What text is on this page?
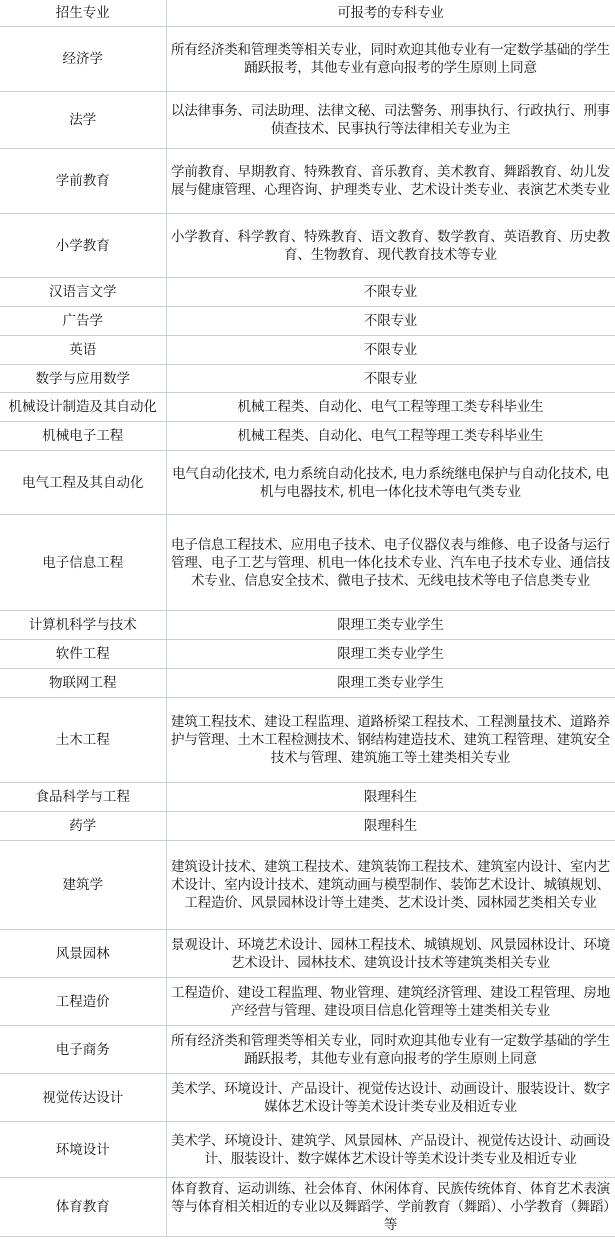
招生专业	可报考的专科专业
经济学	所有经济类和管理类等相关专业，同时欢迎其他专业有一定数学基础的学生踊跃报考，其他专业有意向报考的学生原则上同意
法学	以法律事务、司法助理、法律文秘、司法警务、刑事执行、行政执行、刑事侦查技术、民事执行等法律相关专业为主
学前教育	学前教育、早期教育、特殊教育、音乐教育、美术教育、舞蹈教育、幼儿发展与健康管理、心理咨询、护理类专业、艺术设计类专业、表演艺术类专业
小学教育	小学教育、科学教育、特殊教育、语文教育、数学教育、英语教育、历史教育、生物教育、现代教育技术等专业
汉语言文学	不限专业
广告学	不限专业
英语	不限专业
数学与应用数学	不限专业
机械设计制造及其自动化	机械工程类、自动化、电气工程等理工类专科毕业生
机械电子工程	机械工程类、自动化、电气工程等理工类专科毕业生
电气工程及其自动化	电气自动化技术, 电力系统自动化技术, 电力系统继电保护与自动化技术, 电机与电器技术, 机电一体化技术等电气类专业
电子信息工程	电子信息工程技术、应用电子技术、电子仪器仪表与维修、电子设备与运行管理、电子工艺与管理、机电一体化技术专业、汽车电子技术专业、通信技术专业、信息安全技术、微电子技术、无线电技术等电子信息类专业
计算机科学与技术	限理工类专业学生
软件工程	限理工类专业学生
物联网工程	限理工类专业学生
土木工程	建筑工程技术、建设工程监理、道路桥梁工程技术、工程测量技术、道路养护与管理、土木工程检测技术、钢结构建造技术、建筑工程管理、建筑安全技术与管理、建筑施工等土建类相关专业
食品科学与工程	限理科生
药学	限理科生
建筑学	建筑设计技术、建筑工程技术、建筑装饰工程技术、建筑室内设计、室内艺术设计、室内设计技术、建筑动画与模型制作、装饰艺术设计、城镇规划、工程造价、风景园林设计等土建类、艺术设计类、园林园艺类相关专业
风景园林	景观设计、环境艺术设计、园林工程技术、城镇规划、风景园林设计、环境艺术设计、园林技术、建筑设计技术等建筑类相关专业
工程造价	工程造价、建设工程监理、物业管理、建筑经济管理、建设工程管理、房地产经营与管理、建设项目信息化管理等土建类相关专业
电子商务	所有经济类和管理类等相关专业，同时欢迎其他专业有一定数学基础的学生踊跃报考，其他专业有意向报考的学生原则上同意
视觉传达设计	美术学、环境设计、产品设计、视觉传达设计、动画设计、服装设计、数字媒体艺术设计等美术设计类专业及相近专业
环境设计	美术学、环境设计、建筑学、风景园林、产品设计、视觉传达设计、动画设计、服装设计、数字媒体艺术设计等美术设计类专业及相近专业
体育教育	体育教育、运动训练、社会体育、休闲体育、民族传统体育、体育艺术表演等与体育相关相近的专业以及舞蹈学、学前教育（舞蹈）、小学教育（舞蹈）等
